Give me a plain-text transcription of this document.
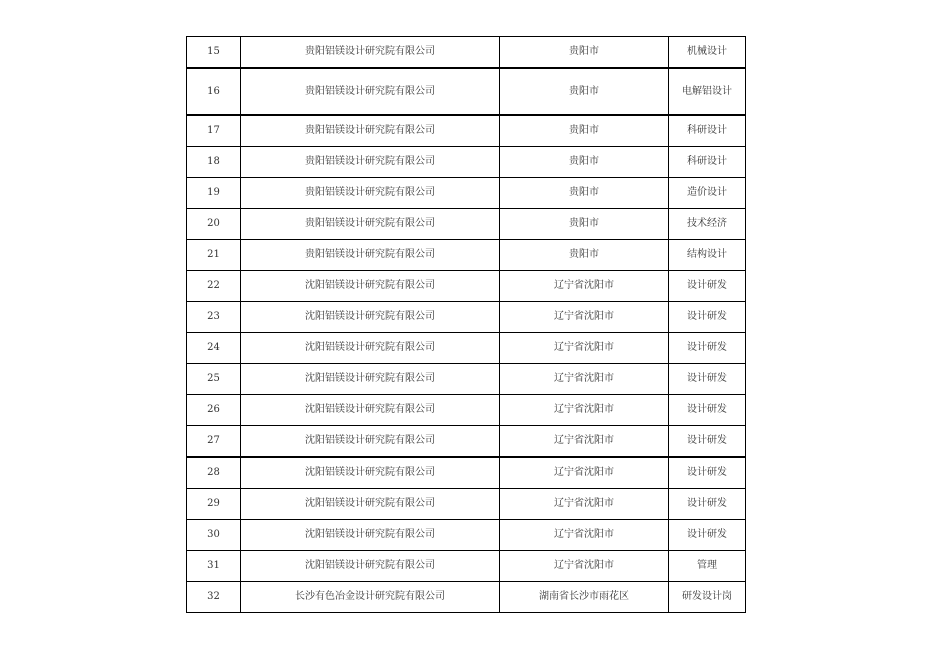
15	贵阳铝镁设计研究院有限公司	贵阳市	机械设计
16	贵阳铝镁设计研究院有限公司	贵阳市	电解铝设计
17	贵阳铝镁设计研究院有限公司	贵阳市	科研设计
18	贵阳铝镁设计研究院有限公司	贵阳市	科研设计
19	贵阳铝镁设计研究院有限公司	贵阳市	造价设计
20	贵阳铝镁设计研究院有限公司	贵阳市	技术经济
21	贵阳铝镁设计研究院有限公司	贵阳市	结构设计
22	沈阳铝镁设计研究院有限公司	辽宁省沈阳市	设计研发
23	沈阳铝镁设计研究院有限公司	辽宁省沈阳市	设计研发
24	沈阳铝镁设计研究院有限公司	辽宁省沈阳市	设计研发
25	沈阳铝镁设计研究院有限公司	辽宁省沈阳市	设计研发
26	沈阳铝镁设计研究院有限公司	辽宁省沈阳市	设计研发
27	沈阳铝镁设计研究院有限公司	辽宁省沈阳市	设计研发
28	沈阳铝镁设计研究院有限公司	辽宁省沈阳市	设计研发
29	沈阳铝镁设计研究院有限公司	辽宁省沈阳市	设计研发
30	沈阳铝镁设计研究院有限公司	辽宁省沈阳市	设计研发
31	沈阳铝镁设计研究院有限公司	辽宁省沈阳市	管理
32	长沙有色冶金设计研究院有限公司	湖南省长沙市雨花区	研发设计岗
